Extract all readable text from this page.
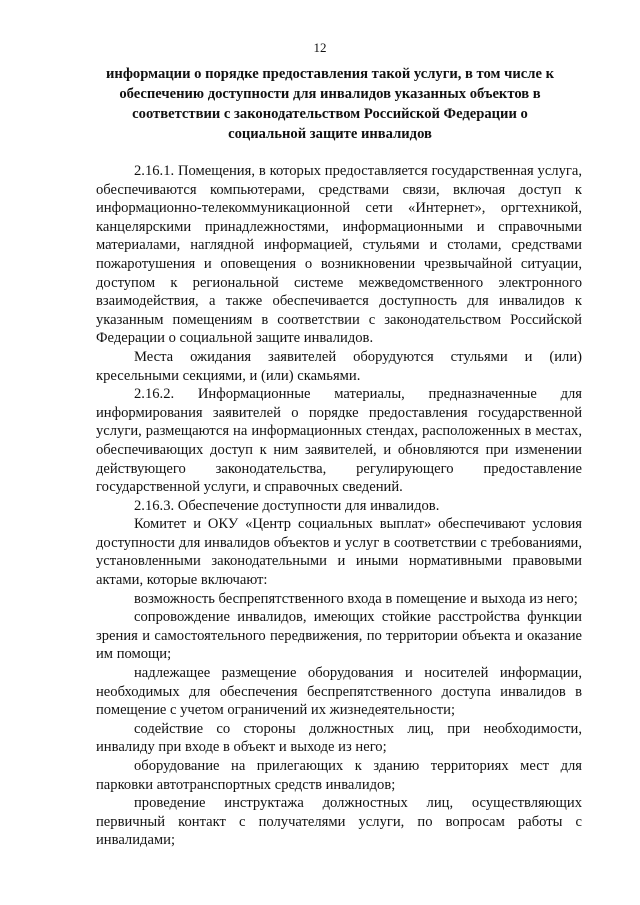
12
информации о порядке предоставления такой услуги, в том числе к обеспечению доступности для инвалидов указанных объектов в соответствии с законодательством Российской Федерации о социальной защите инвалидов

2.16.1. Помещения, в которых предоставляется государственная услуга, обеспечиваются компьютерами, средствами связи, включая доступ к информационно-телекоммуникационной сети «Интернет», оргтехникой, канцелярскими принадлежностями, информационными и справочными материалами, наглядной информацией, стульями и столами, средствами пожаротушения и оповещения о возникновении чрезвычайной ситуации, доступом к региональной системе межведомственного электронного взаимодействия, а также обеспечивается доступность для инвалидов к указанным помещениям в соответствии с законодательством Российской Федерации о социальной защите инвалидов.

Места ожидания заявителей оборудуются стульями и (или) кресельными секциями, и (или) скамьями.

2.16.2. Информационные материалы, предназначенные для информирования заявителей о порядке предоставления государственной услуги, размещаются на информационных стендах, расположенных в местах, обеспечивающих доступ к ним заявителей, и обновляются при изменении действующего законодательства, регулирующего предоставление государственной услуги, и справочных сведений.

2.16.3. Обеспечение доступности для инвалидов.

Комитет и ОКУ «Центр социальных выплат» обеспечивают условия доступности для инвалидов объектов и услуг в соответствии с требованиями, установленными законодательными и иными нормативными правовыми актами, которые включают:

возможность беспрепятственного входа в помещение и выхода из него;

сопровождение инвалидов, имеющих стойкие расстройства функции зрения и самостоятельного передвижения, по территории объекта и оказание им помощи;

надлежащее размещение оборудования и носителей информации, необходимых для обеспечения беспрепятственного доступа инвалидов в помещение с учетом ограничений их жизнедеятельности;

содействие со стороны должностных лиц, при необходимости, инвалиду при входе в объект и выходе из него;

оборудование на прилегающих к зданию территориях мест для парковки автотранспортных средств инвалидов;

проведение инструктажа должностных лиц, осуществляющих первичный контакт с получателями услуги, по вопросам работы с инвалидами;
